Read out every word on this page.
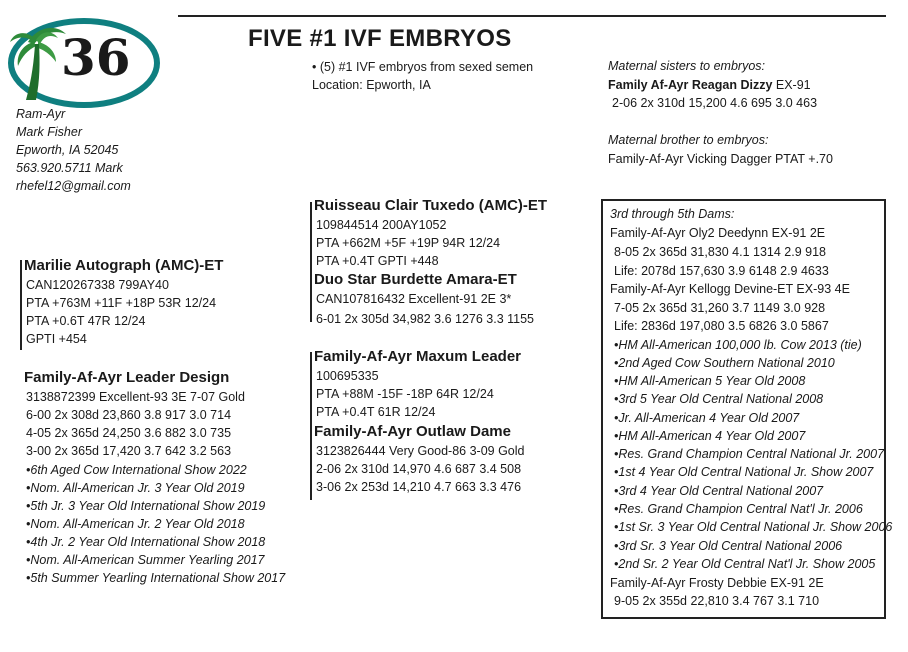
36	FIVE #1 IVF EMBRYOS
• (5) #1 IVF embryos from sexed semen
Location: Epworth, IA
Ram-Ayr
Mark Fisher
Epworth, IA 52045
563.920.5711 Mark
rhefel12@gmail.com
Marilie Autograph (AMC)-ET
CAN120267338 799AY40
PTA +763M +11F +18P 53R 12/24
PTA +0.6T 47R 12/24
GPTI +454
Family-Af-Ayr Leader Design
3138872399 Excellent-93 3E 7-07 Gold
6-00 2x 308d 23,860 3.8 917 3.0 714
4-05 2x 365d 24,250 3.6 882 3.0 735
3-00 2x 365d 17,420 3.7 642 3.2 563
•6th Aged Cow International Show 2022
•Nom. All-American Jr. 3 Year Old 2019
•5th Jr. 3 Year Old International Show 2019
•Nom. All-American Jr. 2 Year Old 2018
•4th Jr. 2 Year Old International Show 2018
•Nom. All-American Summer Yearling 2017
•5th Summer Yearling International Show 2017
Ruisseau Clair Tuxedo (AMC)-ET
109844514 200AY1052
PTA +662M +5F +19P 94R 12/24
PTA +0.4T GPTI +448
Duo Star Burdette Amara-ET
CAN107816432 Excellent-91 2E 3*
6-01 2x 305d 34,982 3.6 1276 3.3 1155
Family-Af-Ayr Maxum Leader
100695335
PTA +88M -15F -18P 64R 12/24
PTA +0.4T 61R 12/24
Family-Af-Ayr Outlaw Dame
3123826444 Very Good-86 3-09 Gold
2-06 2x 310d 14,970 4.6 687 3.4 508
3-06 2x 253d 14,210 4.7 663 3.3 476
Maternal sisters to embryos:
Family Af-Ayr Reagan Dizzy EX-91
2-06 2x 310d 15,200 4.6 695 3.0 463
Maternal brother to embryos:
Family-Af-Ayr Vicking Dagger PTAT +.70
3rd through 5th Dams:
Family-Af-Ayr Oly2 Deedynn EX-91 2E
8-05 2x 365d 31,830 4.1 1314 2.9 918
Life: 2078d 157,630 3.9 6148 2.9 4633
Family-Af-Ayr Kellogg Devine-ET EX-93 4E
7-05 2x 365d 31,260 3.7 1149 3.0 928
Life: 2836d 197,080 3.5 6826 3.0 5867
•HM All-American 100,000 lb. Cow 2013 (tie)
•2nd Aged Cow Southern National 2010
•HM All-American 5 Year Old 2008
•3rd 5 Year Old Central National 2008
•Jr. All-American 4 Year Old 2007
•HM All-American 4 Year Old 2007
•Res. Grand Champion Central National Jr. 2007
•1st 4 Year Old Central National Jr. Show 2007
•3rd 4 Year Old Central National 2007
•Res. Grand Champion Central Nat'l Jr. 2006
•1st Sr. 3 Year Old Central National Jr. Show 2006
•3rd Sr. 3 Year Old Central National 2006
•2nd Sr. 2 Year Old Central Nat'l Jr. Show 2005
Family-Af-Ayr Frosty Debbie EX-91 2E
9-05 2x 355d 22,810 3.4 767 3.1 710
